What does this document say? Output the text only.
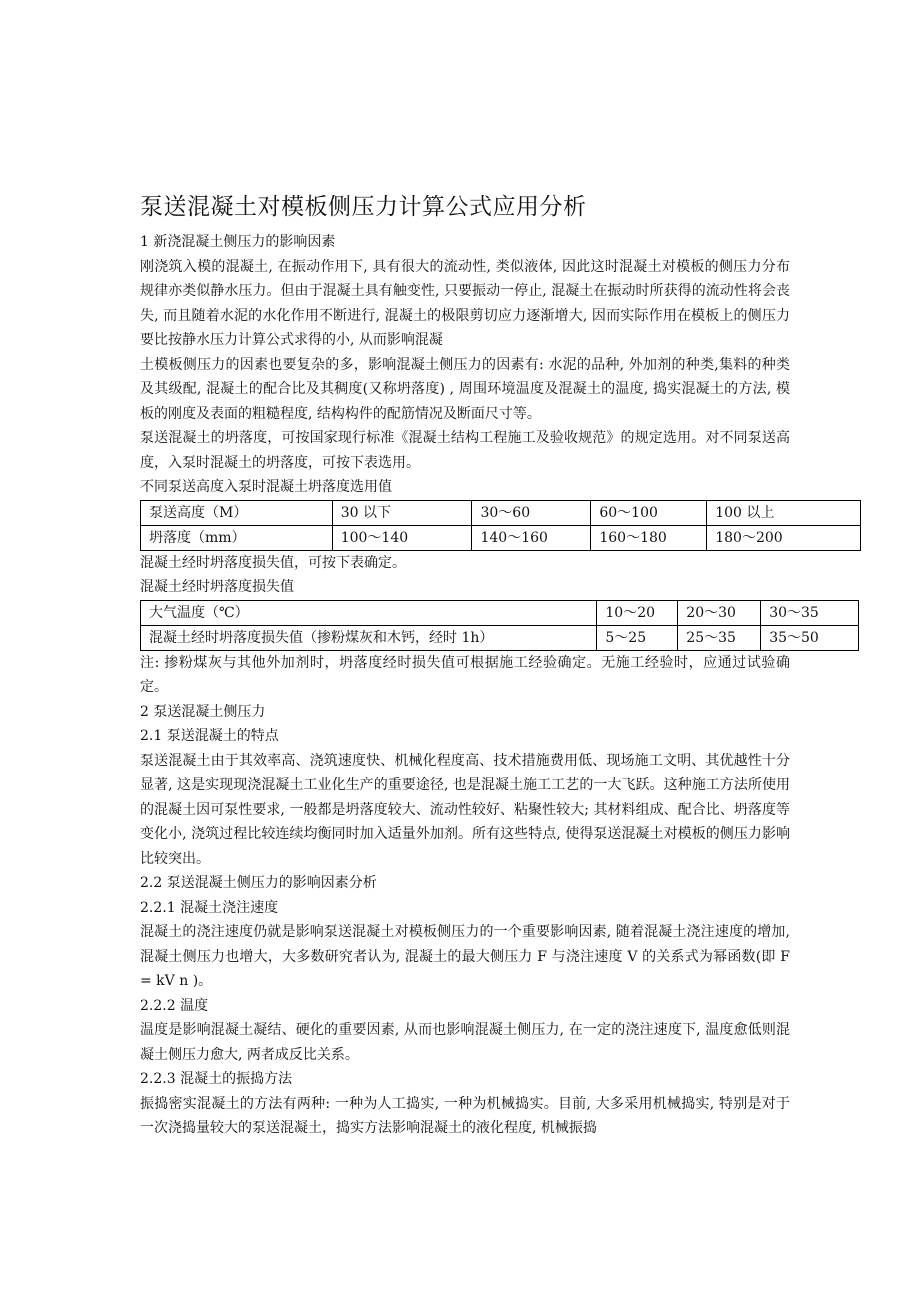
泵送混凝土对模板侧压力计算公式应用分析

1 新浇混凝土侧压力的影响因素

刚浇筑入模的混凝土, 在振动作用下, 具有很大的流动性, 类似液体, 因此这时混凝土对模板的侧压力分布规律亦类似静水压力。但由于混凝土具有触变性, 只要振动一停止, 混凝土在振动时所获得的流动性将会丧失, 而且随着水泥的水化作用不断进行, 混凝土的极限剪切应力逐渐增大, 因而实际作用在模板上的侧压力要比按静水压力计算公式求得的小, 从而影响混凝

土模板侧压力的因素也要复杂的多，影响混凝土侧压力的因素有: 水泥的品种, 外加剂的种类,集料的种类及其级配, 混凝土的配合比及其稠度(又称坍落度) , 周围环境温度及混凝土的温度, 捣实混凝土的方法, 模板的刚度及表面的粗糙程度, 结构构件的配筋情况及断面尺寸等。

泵送混凝土的坍落度，可按国家现行标准《混凝土结构工程施工及验收规范》的规定选用。对不同泵送高度，入泵时混凝土的坍落度，可按下表选用。

不同泵送高度入泵时混凝土坍落度选用值

泵送高度（M）	30 以下	30～60	60～100	100 以上
坍落度（mm）	100～140	140～160	160～180	180～200

混凝土经时坍落度损失值，可按下表确定。

混凝土经时坍落度损失值

大气温度（℃）	10～20	20～30	30～35
混凝土经时坍落度损失值（掺粉煤灰和木钙，经时 1h）	5～25	25～35	35～50

注: 掺粉煤灰与其他外加剂时，坍落度经时损失值可根据施工经验确定。无施工经验时，应通过试验确定。

2 泵送混凝土侧压力

2.1 泵送混凝土的特点

泵送混凝土由于其效率高、浇筑速度快、机械化程度高、技术措施费用低、现场施工文明、其优越性十分显著, 这是实现现浇混凝土工业化生产的重要途径, 也是混凝土施工工艺的一大飞跃。这种施工方法所使用的混凝土因可泵性要求, 一般都是坍落度较大、流动性较好、粘聚性较大; 其材料组成、配合比、坍落度等变化小, 浇筑过程比较连续均衡同时加入适量外加剂。所有这些特点, 使得泵送混凝土对模板的侧压力影响比较突出。

2.2 泵送混凝土侧压力的影响因素分析

2.2.1 混凝土浇注速度

混凝土的浇注速度仍就是影响泵送混凝土对模板侧压力的一个重要影响因素, 随着混凝土浇注速度的增加, 混凝土侧压力也增大，大多数研究者认为, 混凝土的最大侧压力 F 与浇注速度 V 的关系式为幂函数(即 F = kV n )。

2.2.2 温度

温度是影响混凝土凝结、硬化的重要因素, 从而也影响混凝土侧压力, 在一定的浇注速度下, 温度愈低则混凝土侧压力愈大, 两者成反比关系。

2.2.3 混凝土的振捣方法

振捣密实混凝土的方法有两种: 一种为人工捣实, 一种为机械捣实。目前, 大多采用机械捣实, 特别是对于一次浇捣量较大的泵送混凝土，捣实方法影响混凝土的液化程度, 机械振捣
